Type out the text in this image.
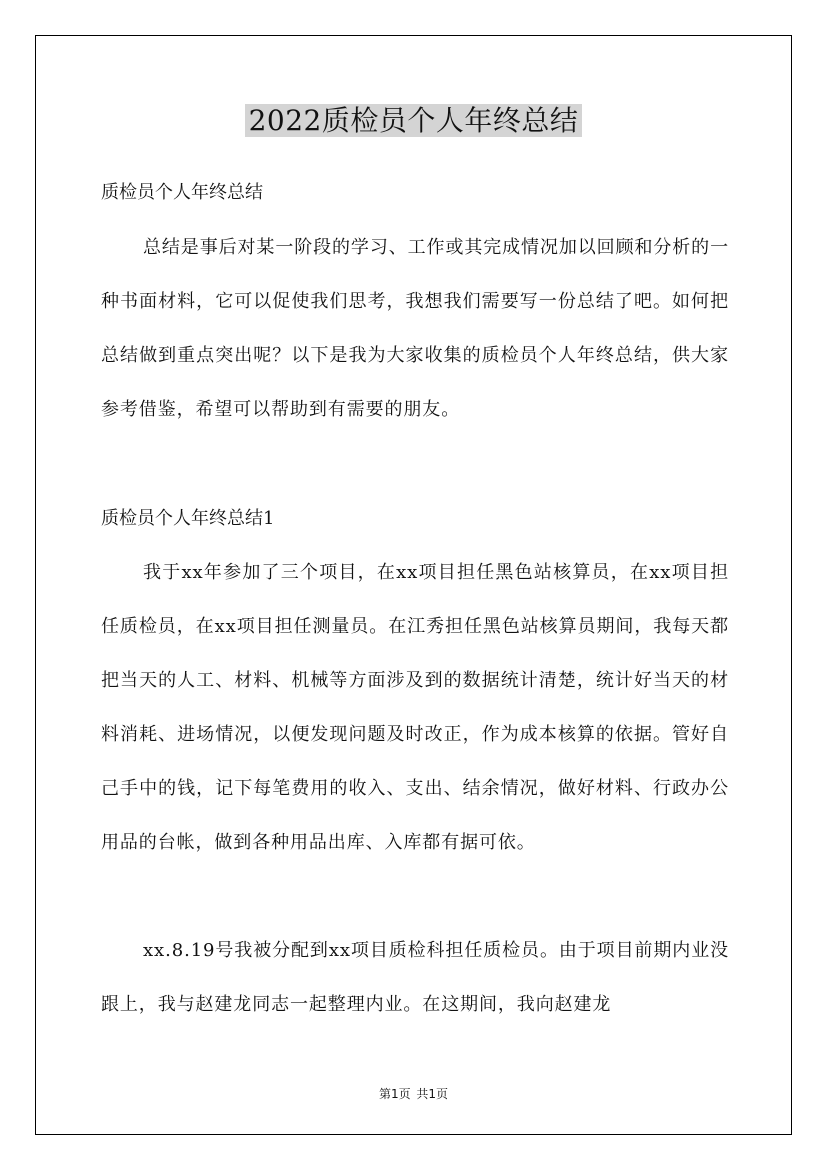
2022质检员个人年终总结
质检员个人年终总结

总结是事后对某一阶段的学习、工作或其完成情况加以回顾和分析的一种书面材料，它可以促使我们思考，我想我们需要写一份总结了吧。如何把总结做到重点突出呢？以下是我为大家收集的质检员个人年终总结，供大家参考借鉴，希望可以帮助到有需要的朋友。

质检员个人年终总结1

我于xx年参加了三个项目，在xx项目担任黑色站核算员，在xx项目担任质检员，在xx项目担任测量员。在江秀担任黑色站核算员期间，我每天都把当天的人工、材料、机械等方面涉及到的数据统计清楚，统计好当天的材料消耗、进场情况，以便发现问题及时改正，作为成本核算的依据。管好自己手中的钱，记下每笔费用的收入、支出、结余情况，做好材料、行政办公用品的台帐，做到各种用品出库、入库都有据可依。

xx.8.19号我被分配到xx项目质检科担任质检员。由于项目前期内业没跟上，我与赵建龙同志一起整理内业。在这期间，我向赵建龙

第1页 共1页
